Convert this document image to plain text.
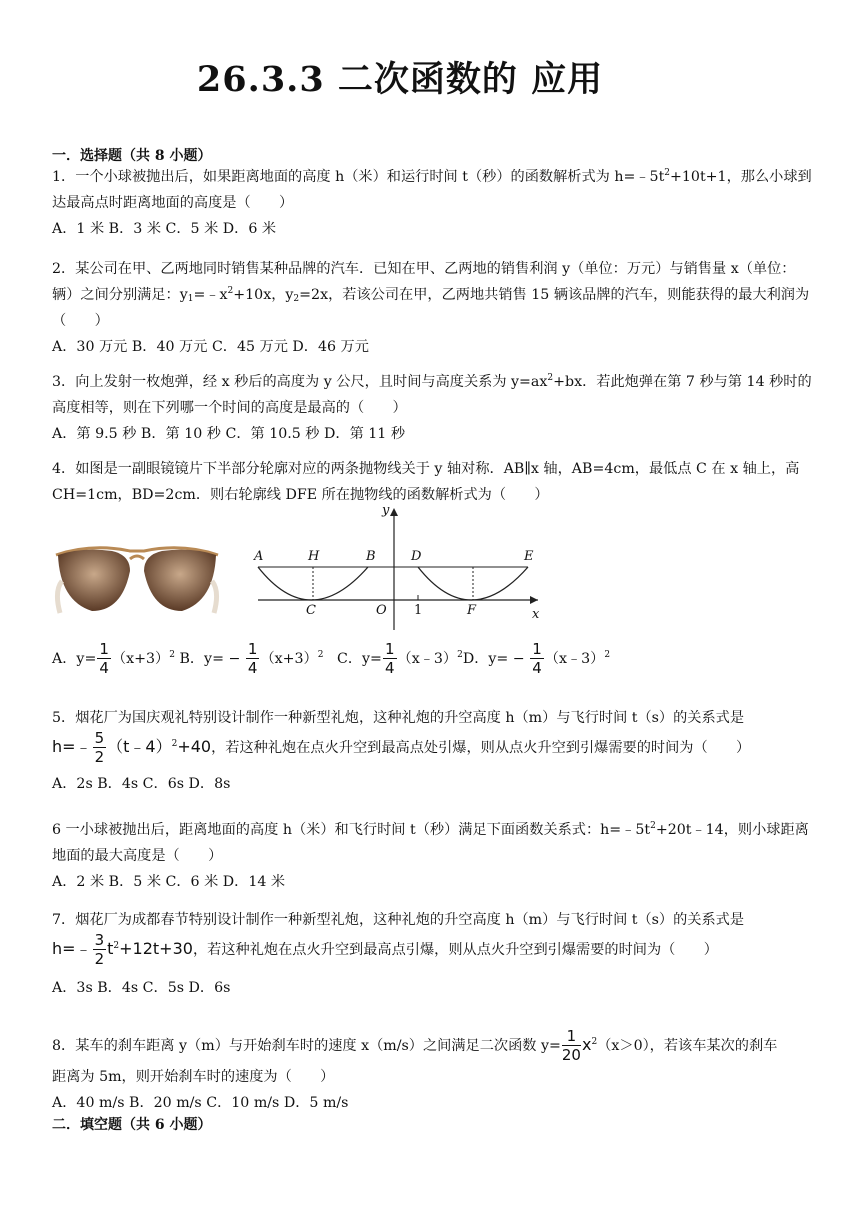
26.3.3 二次函数的 应用
一．选择题（共 8 小题）
1．一个小球被抛出后，如果距离地面的高度 h（米）和运行时间 t（秒）的函数解析式为 $h=﹣5t^2+10t+1$，那么小球到达最高点时距离地面的高度是（　　）
A．1 米 B．3 米 C．5 米 D．6 米
2．某公司在甲、乙两地同时销售某种品牌的汽车．已知在甲、乙两地的销售利润 y（单位：万元）与销售量 x（单位：辆）之间分别满足：$y_1=﹣x^2+10x$，$y_2=2x$，若该公司在甲，乙两地共销售 15 辆该品牌的汽车，则能获得的最大利润为（　　）
A．30 万元 B．40 万元 C．45 万元 D．46 万元
3．向上发射一枚炮弹，经 x 秒后的高度为 y 公尺，且时间与高度关系为 $y=ax^2+bx$．若此炮弹在第 7 秒与第 14 秒时的高度相等，则在下列哪一个时间的高度是最高的（　　）
A．第 9.5 秒 B．第 10 秒 C．第 10.5 秒 D．第 11 秒
4．如图是一副眼镜镜片下半部分轮廓对应的两条抛物线关于 y 轴对称．AB∥x 轴，AB=4cm，最低点 C 在 x 轴上，高 CH=1cm，BD=2cm．则右轮廓线 DFE 所在抛物线的函数解析式为（　　）
y
A	H	B	D	E
C	O 1	F	x
A．$y= \frac{1}{4} (x+3)^2$ B．$y= - \frac{1}{4} (x+3)^2$ C．$y= \frac{1}{4}$ （x﹣3）$^2$D．$y= - \frac{1}{4}$ （x﹣3）$^2$
5．烟花厂为国庆观礼特别设计制作一种新型礼炮，这种礼炮的升空高度 h（m）与飞行时间 t（s）的关系式是
h=﹣ $\frac{5}{2}$ （t﹣4）$^2$+40，若这种礼炮在点火升空到最高点处引爆，则从点火升空到引爆需要的时间为（　　）
A．2s B．4s C．6s D．8s
6 一小球被抛出后，距离地面的高度 h（米）和飞行时间 t（秒）满足下面函数关系式：$h=﹣5t^2+20t﹣14$，则小球距离地面的最大高度是（　　）
A．2 米 B．5 米 C．6 米 D．14 米
7．烟花厂为成都春节特别设计制作一种新型礼炮，这种礼炮的升空高度 h（m）与飞行时间 t（s）的关系式是
h=﹣ $\frac{3}{2} t^2+12t+30$，若这种礼炮在点火升空到最高点引爆，则从点火升空到引爆需要的时间为（　　）
A．3s B．4s C．5s D．6s
8．某车的刹车距离 y（m）与开始刹车时的速度 x（m/s）之间满足二次函数 $y= \frac{1}{20} x^2(x>0)$，若该车某次的刹车
距离为 5m，则开始刹车时的速度为（　　）
A．40 m/s B．20 m/s C．10 m/s D．5 m/s
二．填空题（共 6 小题）
